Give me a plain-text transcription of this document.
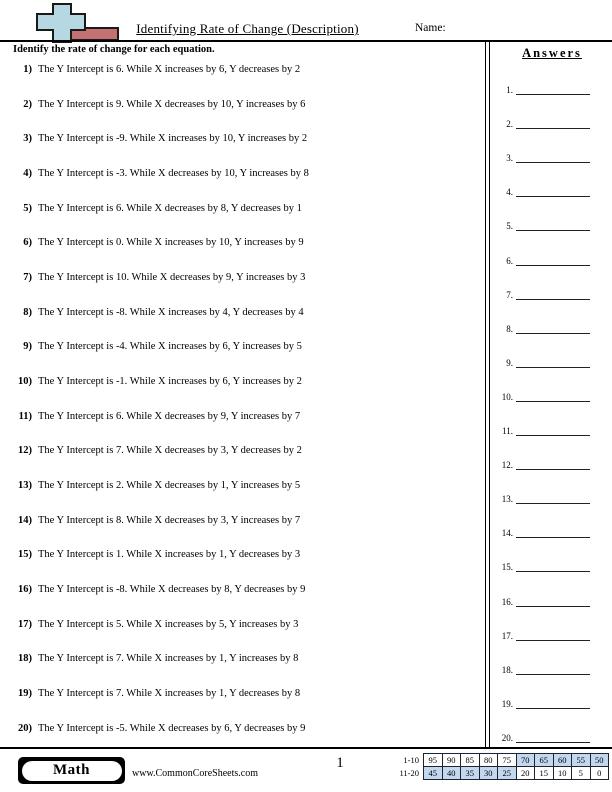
Identifying Rate of Change (Description)	Name:
Identify the rate of change for each equation.
1) The Y Intercept is 6. While X increases by 6, Y decreases by 2
2) The Y Intercept is 9. While X decreases by 10, Y increases by 6
3) The Y Intercept is -9. While X increases by 10, Y increases by 2
4) The Y Intercept is -3. While X decreases by 10, Y increases by 8
5) The Y Intercept is 6. While X decreases by 8, Y decreases by 1
6) The Y Intercept is 0. While X increases by 10, Y increases by 9
7) The Y Intercept is 10. While X decreases by 9, Y increases by 3
8) The Y Intercept is -8. While X increases by 4, Y decreases by 4
9) The Y Intercept is -4. While X increases by 6, Y increases by 5
10) The Y Intercept is -1. While X increases by 6, Y increases by 2
11) The Y Intercept is 6. While X decreases by 9, Y increases by 7
12) The Y Intercept is 7. While X decreases by 3, Y decreases by 2
13) The Y Intercept is 2. While X decreases by 1, Y increases by 5
14) The Y Intercept is 8. While X decreases by 3, Y increases by 7
15) The Y Intercept is 1. While X increases by 1, Y decreases by 3
16) The Y Intercept is -8. While X decreases by 8, Y decreases by 9
17) The Y Intercept is 5. While X increases by 5, Y increases by 3
18) The Y Intercept is 7. While X increases by 1, Y increases by 8
19) The Y Intercept is 7. While X increases by 1, Y decreases by 8
20) The Y Intercept is -5. While X decreases by 6, Y decreases by 9
Answers
1.
2.
3.
4.
5.
6.
7.
8.
9.
10.
11.
12.
13.
14.
15.
16.
17.
18.
19.
20.
Math	www.CommonCoreSheets.com
1	1-10	95	90	85	80	75	70	65	60	55	50
11-20	45	40	35	30	25	20	15	10	5	0
